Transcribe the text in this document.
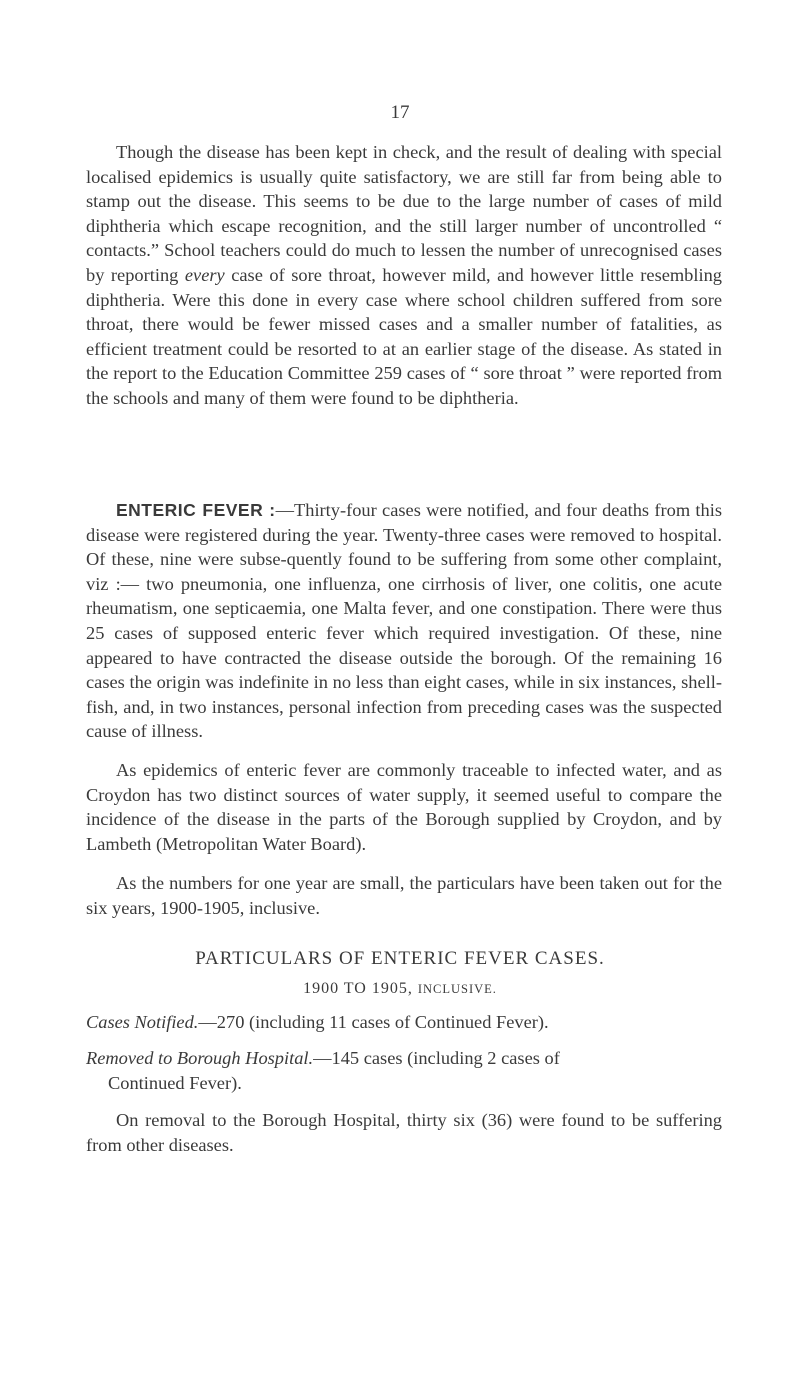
17

Though the disease has been kept in check, and the result of dealing with special localised epidemics is usually quite satisfactory, we are still far from being able to stamp out the disease. This seems to be due to the large number of cases of mild diphtheria which escape recognition, and the still larger number of uncontrolled “ contacts.” School teachers could do much to lessen the number of unrecognised cases by reporting every case of sore throat, however mild, and however little resembling diphtheria. Were this done in every case where school children suffered from sore throat, there would be fewer missed cases and a smaller number of fatalities, as efficient treatment could be resorted to at an earlier stage of the disease. As stated in the report to the Education Committee 259 cases of “ sore throat ” were reported from the schools and many of them were found to be diphtheria.

ENTERIC FEVER :—Thirty-four cases were notified, and four deaths from this disease were registered during the year. Twenty-three cases were removed to hospital. Of these, nine were subse-quently found to be suffering from some other complaint, viz :— two pneumonia, one influenza, one cirrhosis of liver, one colitis, one acute rheumatism, one septicaemia, one Malta fever, and one constipation. There were thus 25 cases of supposed enteric fever which required investigation. Of these, nine appeared to have contracted the disease outside the borough. Of the remaining 16 cases the origin was indefinite in no less than eight cases, while in six instances, shell-fish, and, in two instances, personal infection from preceding cases was the suspected cause of illness.

As epidemics of enteric fever are commonly traceable to infected water, and as Croydon has two distinct sources of water supply, it seemed useful to compare the incidence of the disease in the parts of the Borough supplied by Croydon, and by Lambeth (Metropolitan Water Board).

As the numbers for one year are small, the particulars have been taken out for the six years, 1900-1905, inclusive.

PARTICULARS OF ENTERIC FEVER CASES.
1900 TO 1905, INCLUSIVE.
Cases Notified.—270 (including 11 cases of Continued Fever).
Removed to Borough Hospital.—145 cases (including 2 cases of
Continued Fever).

On removal to the Borough Hospital, thirty six (36) were found to be suffering from other diseases.
